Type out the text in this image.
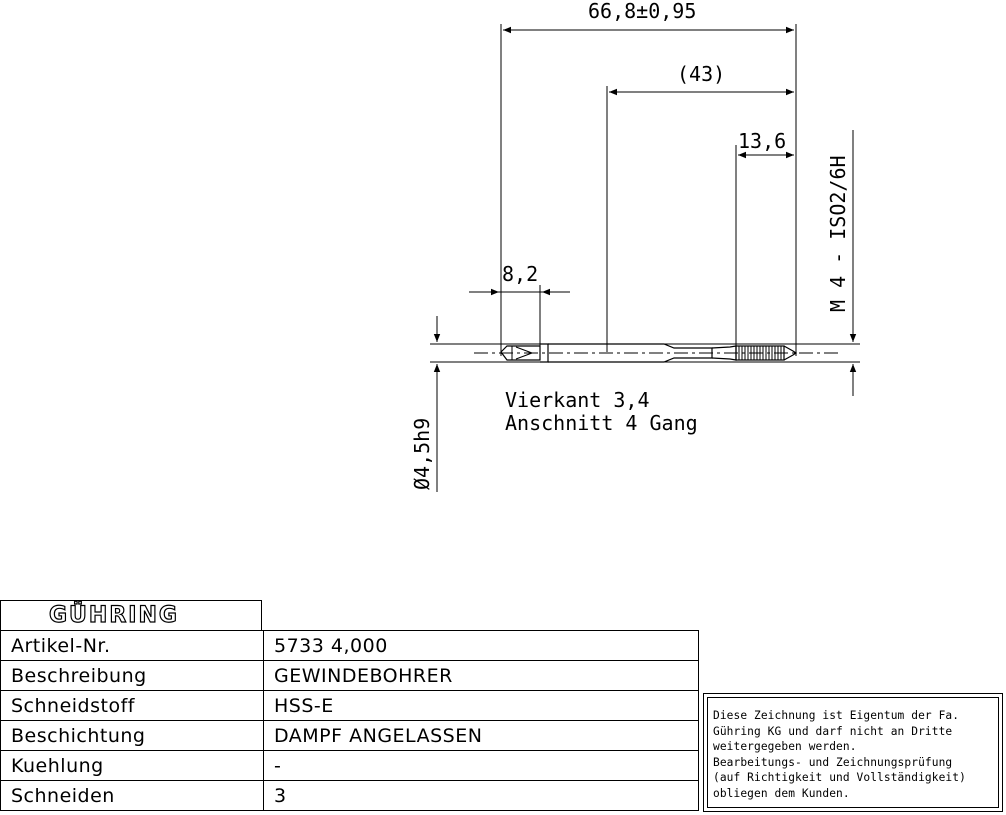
66,8±0,95
(43)
13,6
8,2
Ø4,5h9
M 4 - ISO2/6H
Vierkant 3,4
Anschnitt 4 Gang
GÜHRING
Artikel-Nr.	5733 4,000
Beschreibung	GEWINDEBOHRER
Schneidstoff	HSS-E
Beschichtung	DAMPF ANGELASSEN
Kuehlung	-
Schneiden	3
Diese Zeichnung ist Eigentum der Fa.
Gühring KG und darf nicht an Dritte
weitergegeben werden.
Bearbeitungs- und Zeichnungsprüfung
(auf Richtigkeit und Vollständigkeit)
obliegen dem Kunden.
